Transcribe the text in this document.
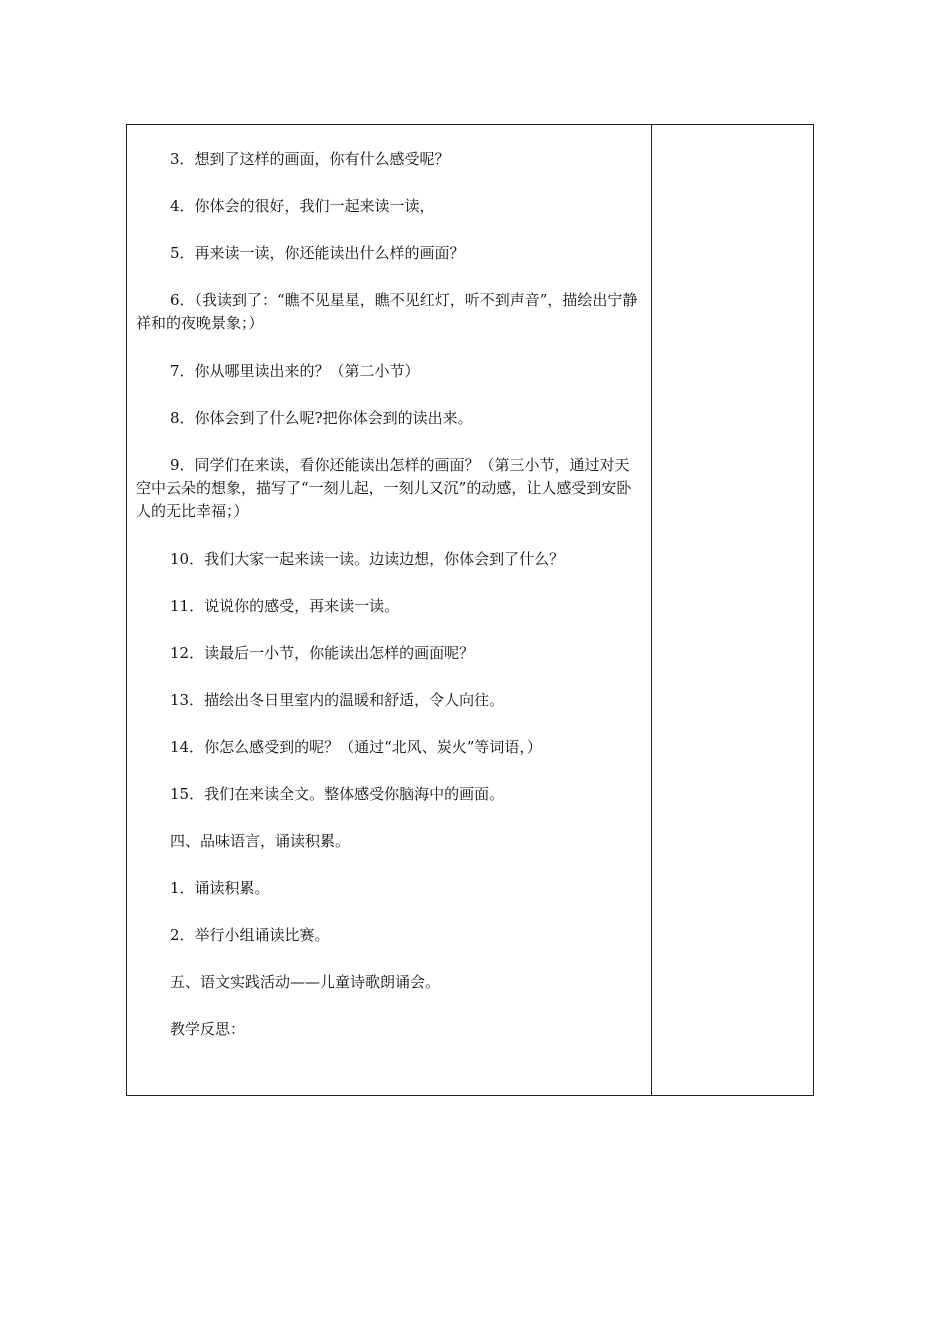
3．想到了这样的画面，你有什么感受呢？

4．你体会的很好，我们一起来读一读，

5．再来读一读，你还能读出什么样的画面？

6．（我读到了：“瞧不见星星，瞧不见红灯，听不到声音”，描绘出宁静祥和的夜晚景象；）

7．你从哪里读出来的？（第二小节）

8．你体会到了什么呢?把你体会到的读出来。

9．同学们在来读，看你还能读出怎样的画面？（第三小节，通过对天空中云朵的想象，描写了“一刻儿起，一刻儿又沉”的动感，让人感受到安卧人的无比幸福；）

10．我们大家一起来读一读。边读边想，你体会到了什么？

11．说说你的感受，再来读一读。

12．读最后一小节，你能读出怎样的画面呢？

13．描绘出冬日里室内的温暖和舒适，令人向往。

14．你怎么感受到的呢？（通过“北风、炭火”等词语，）

15．我们在来读全文。整体感受你脑海中的画面。

四、品味语言，诵读积累。

1．诵读积累。

2．举行小组诵读比赛。

五、语文实践活动——儿童诗歌朗诵会。

教学反思：
